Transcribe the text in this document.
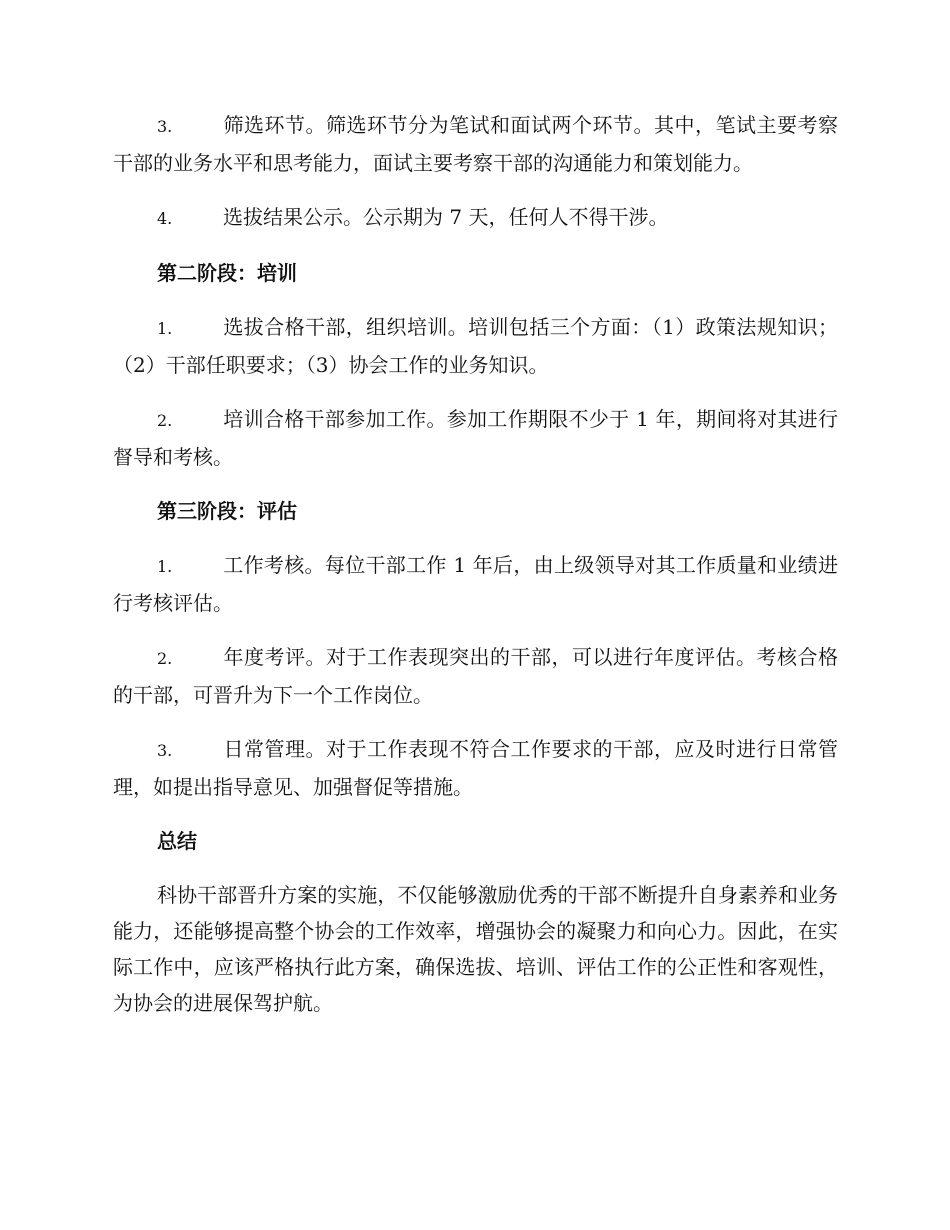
3.	筛选环节。筛选环节分为笔试和面试两个环节。其中，笔试主要考察干部的业务水平和思考能力，面试主要考察干部的沟通能力和策划能力。

4.	选拔结果公示。公示期为 7 天，任何人不得干涉。

第二阶段：培训

1.	选拔合格干部，组织培训。培训包括三个方面：（1）政策法规知识；（2）干部任职要求；（3）协会工作的业务知识。

2.	培训合格干部参加工作。参加工作期限不少于 1 年，期间将对其进行督导和考核。

第三阶段：评估

1.	工作考核。每位干部工作 1 年后，由上级领导对其工作质量和业绩进行考核评估。

2.	年度考评。对于工作表现突出的干部，可以进行年度评估。考核合格的干部，可晋升为下一个工作岗位。

3.	日常管理。对于工作表现不符合工作要求的干部，应及时进行日常管理，如提出指导意见、加强督促等措施。

总结

科协干部晋升方案的实施，不仅能够激励优秀的干部不断提升自身素养和业务能力，还能够提高整个协会的工作效率，增强协会的凝聚力和向心力。因此，在实际工作中，应该严格执行此方案，确保选拔、培训、评估工作的公正性和客观性，为协会的进展保驾护航。
